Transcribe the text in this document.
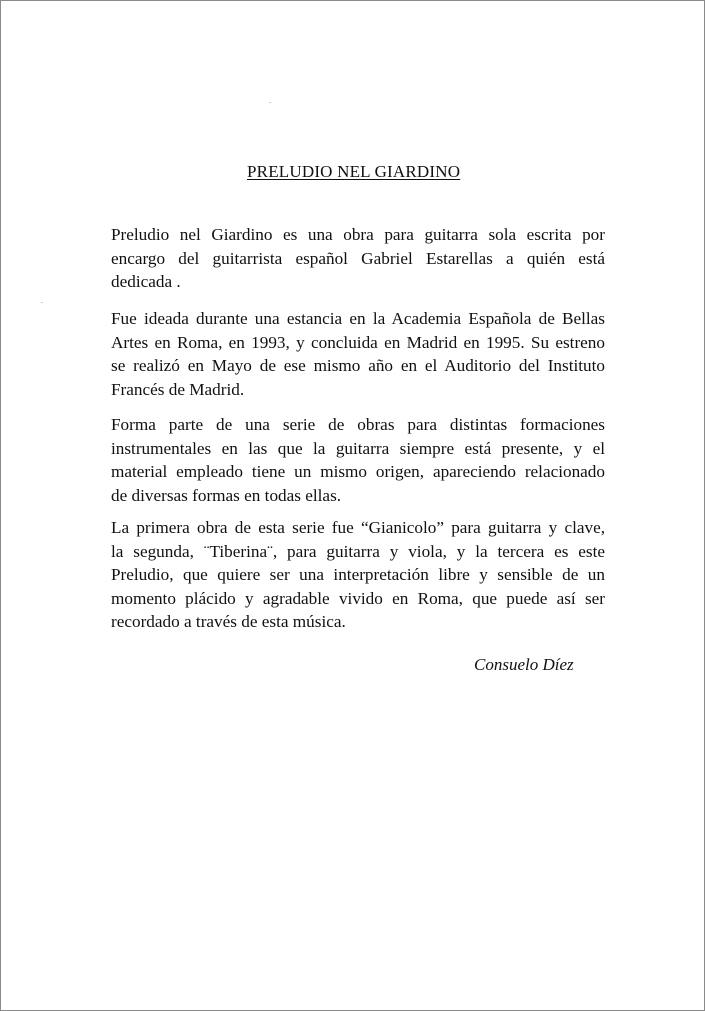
PRELUDIO NEL GIARDINO

Preludio nel Giardino es una obra para guitarra sola escrita por
encargo del guitarrista español Gabriel Estarellas a quién está
dedicada .

Fue ideada durante una estancia en la Academia Española de Bellas
Artes en Roma, en 1993, y concluida en Madrid en 1995. Su estreno
se realizó en Mayo de ese mismo año en el Auditorio del Instituto
Francés de Madrid.

Forma parte de una serie de obras para distintas formaciones
instrumentales en las que la guitarra siempre está presente, y el
material empleado tiene un mismo origen, apareciendo relacionado
de diversas formas en todas ellas.

La primera obra de esta serie fue “Gianicolo” para guitarra y clave,
la segunda, ¨Tiberina¨, para guitarra y viola, y la tercera es este
Preludio, que quiere ser una interpretación libre y sensible de un
momento plácido y agradable vivido en Roma, que puede así ser
recordado a través de esta música.

Consuelo Díez
